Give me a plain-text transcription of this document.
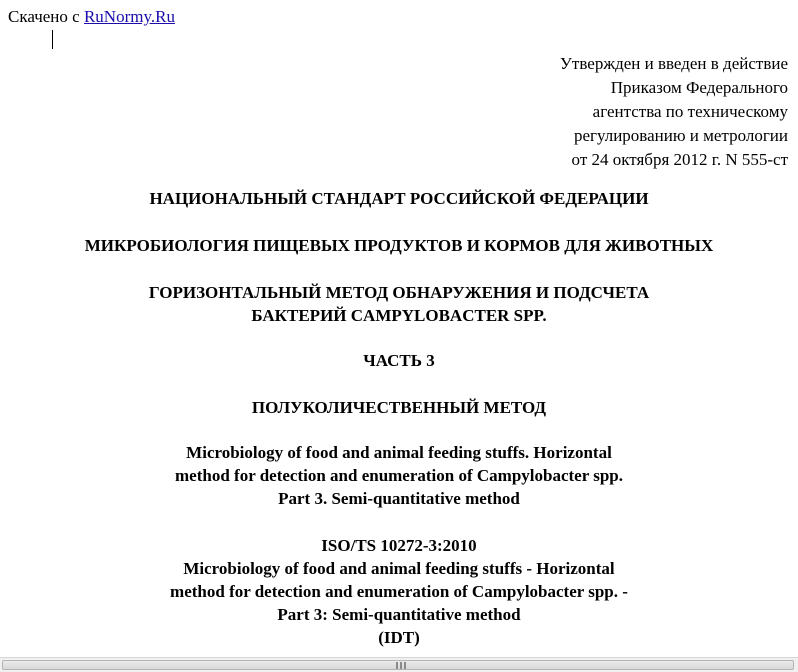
Скачено с RuNormy.Ru
Утвержден и введен в действие
Приказом Федерального
агентства по техническому
регулированию и метрологии
от 24 октября 2012 г. N 555-ст
НАЦИОНАЛЬНЫЙ СТАНДАРТ РОССИЙСКОЙ ФЕДЕРАЦИИ
МИКРОБИОЛОГИЯ ПИЩЕВЫХ ПРОДУКТОВ И КОРМОВ ДЛЯ ЖИВОТНЫХ
ГОРИЗОНТАЛЬНЫЙ МЕТОД ОБНАРУЖЕНИЯ И ПОДСЧЕТА
БАКТЕРИЙ CAMPYLOBACTER SPP.
ЧАСТЬ 3
ПОЛУКОЛИЧЕСТВЕННЫЙ МЕТОД
Microbiology of food and animal feeding stuffs. Horizontal
method for detection and enumeration of Campylobacter spp.
Part 3. Semi-quantitative method
ISO/TS 10272-3:2010
Microbiology of food and animal feeding stuffs - Horizontal
method for detection and enumeration of Campylobacter spp. -
Part 3: Semi-quantitative method
(IDT)
